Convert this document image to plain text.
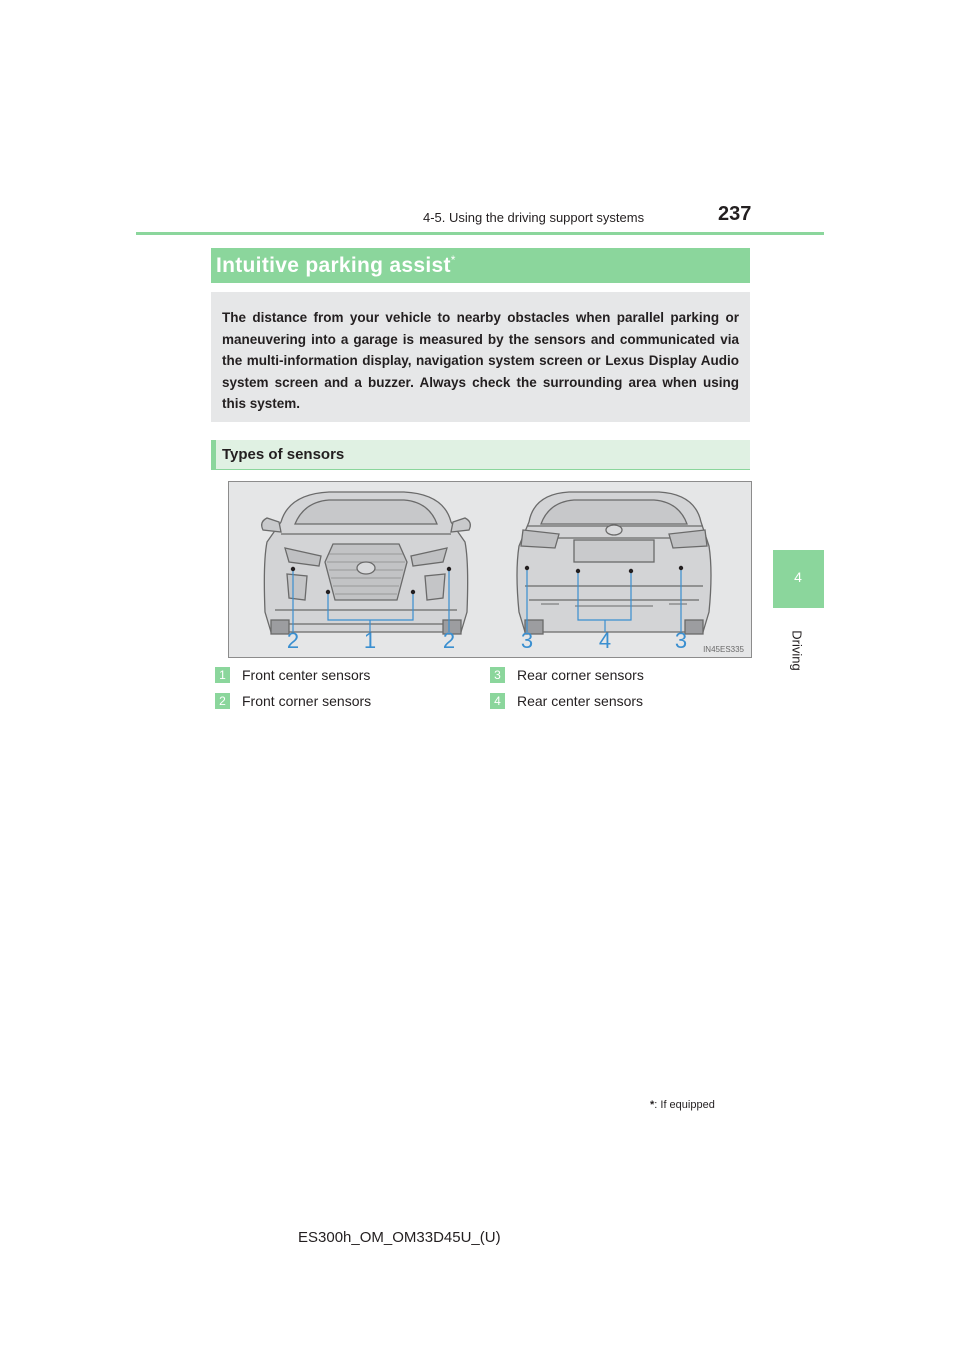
4-5. Using the driving support systems	237
4
Driving
Intuitive parking assist*
The distance from your vehicle to nearby obstacles when parallel parking or maneuvering into a garage is measured by the sensors and communicated via the multi-information display, navigation system screen or Lexus Display Audio system screen and a buzzer. Always check the surrounding area when using this system.
Types of sensors
2	1	2	3	4	3 IN45ES335
1 Front center sensors
2 Front corner sensors
3 Rear corner sensors
4 Rear center sensors
*: If equipped
ES300h_OM_OM33D45U_(U)
